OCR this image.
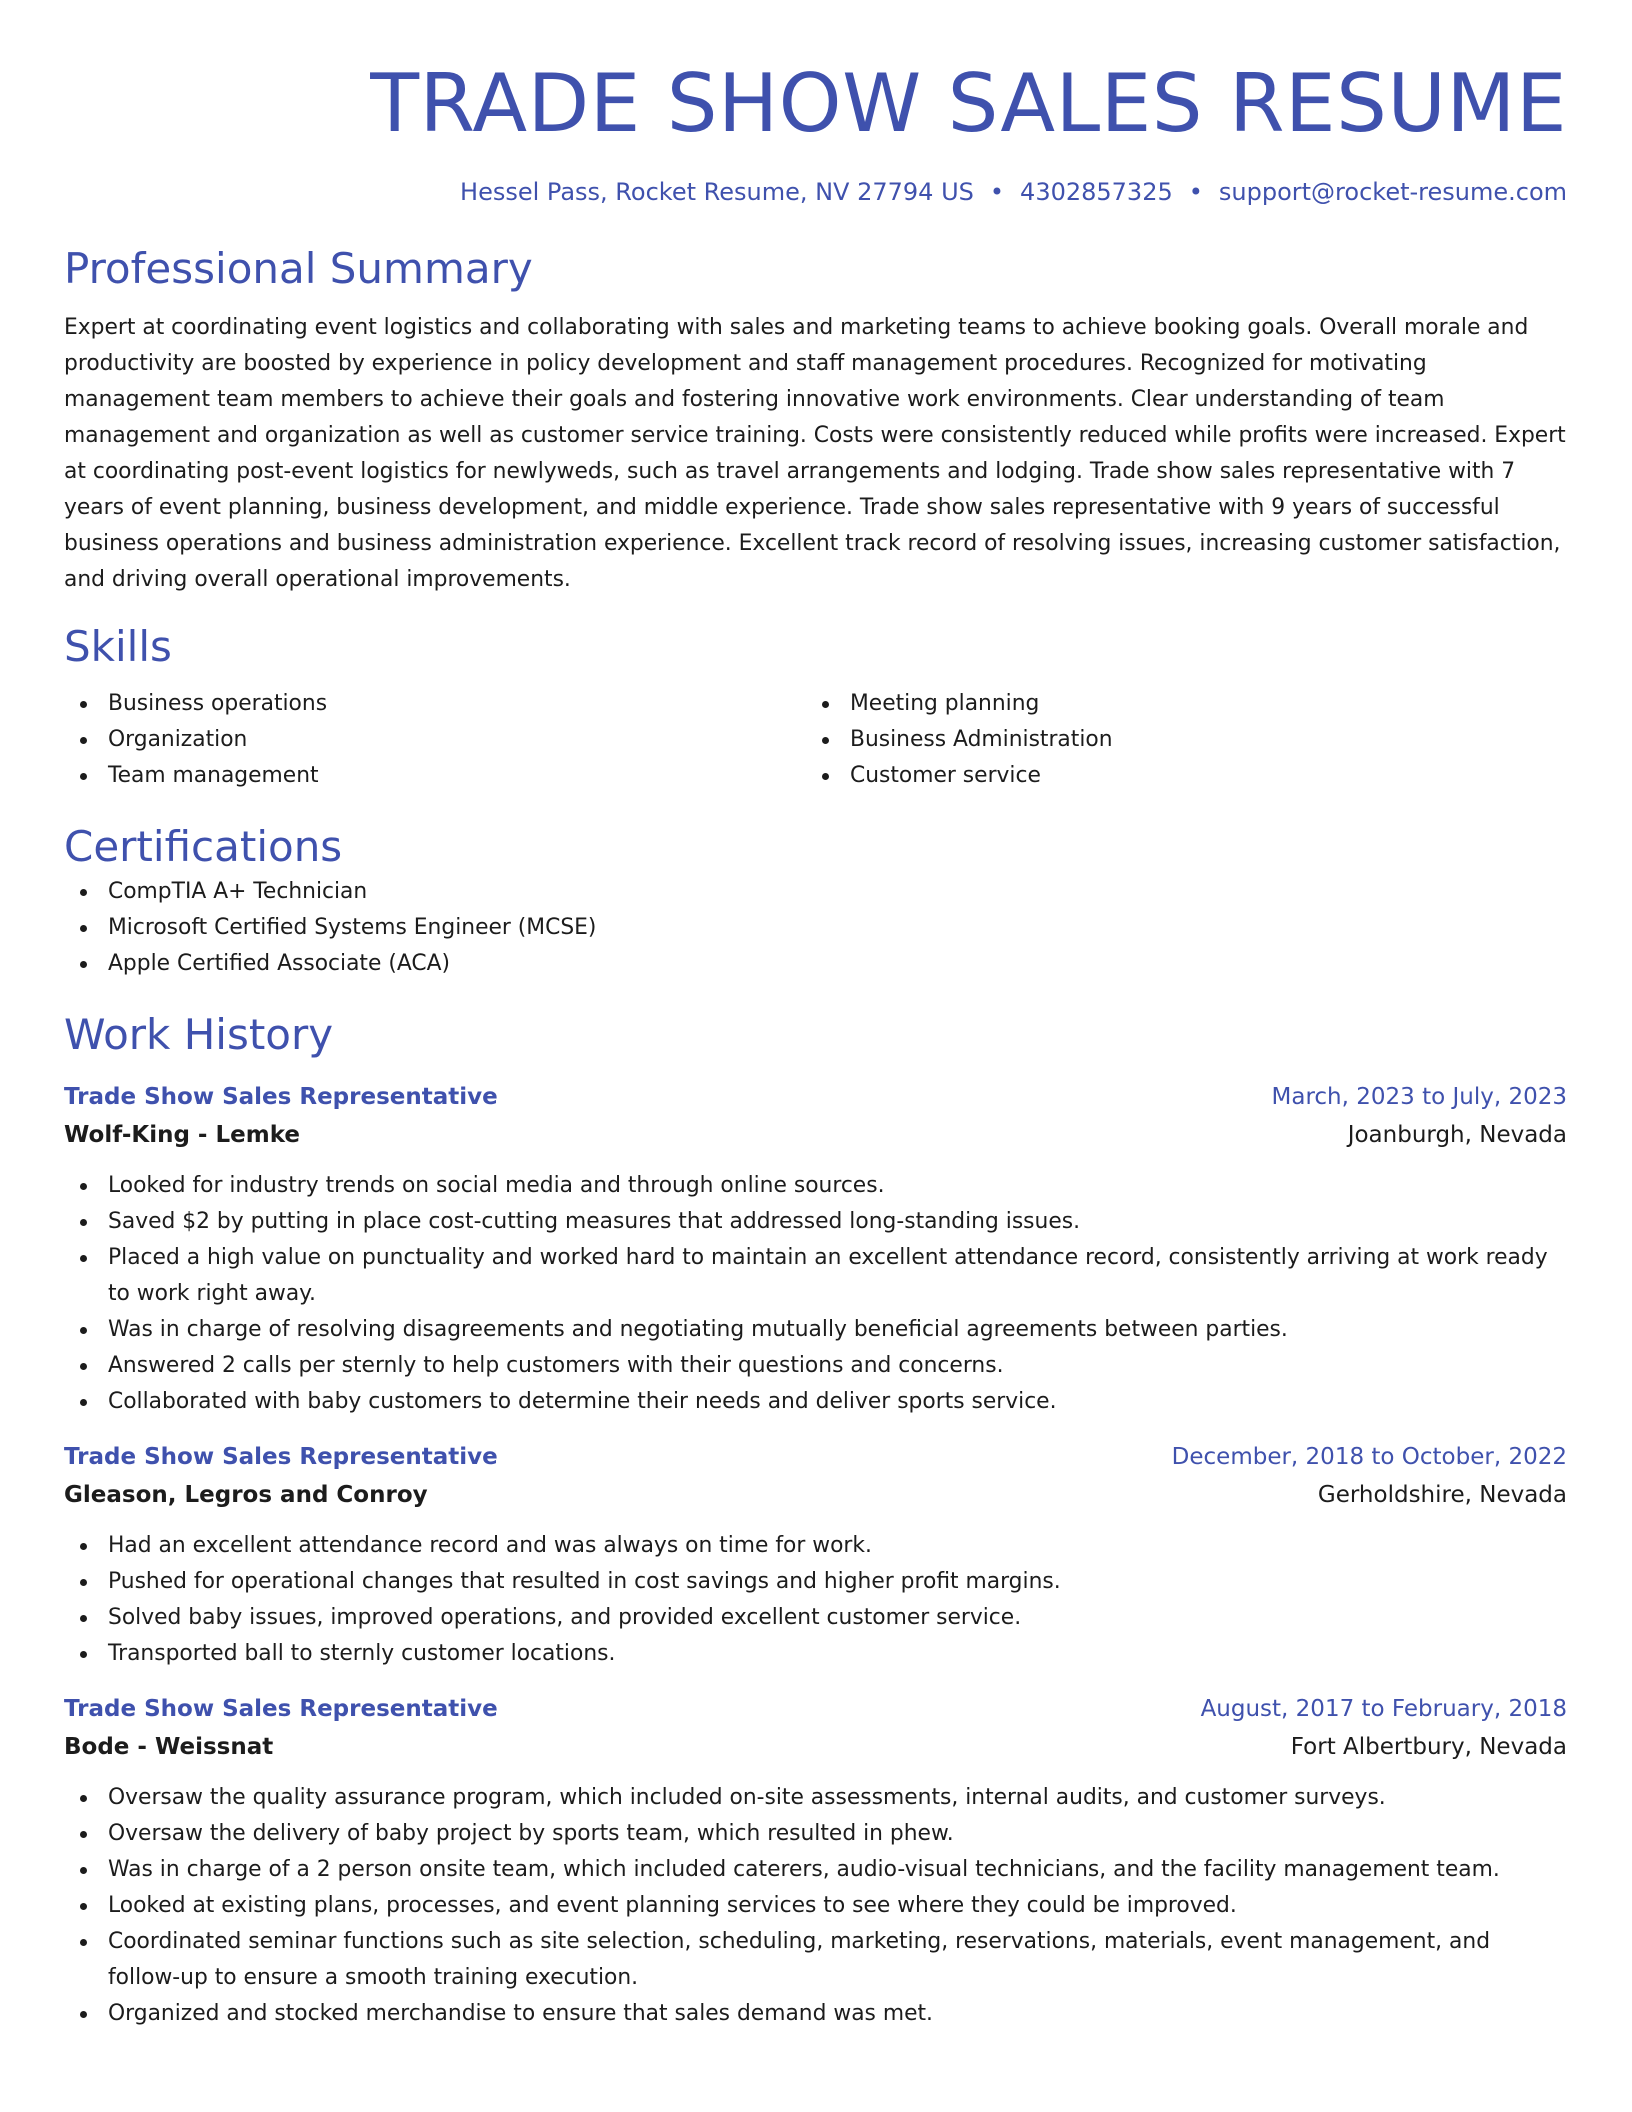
TRADE SHOW SALES RESUME
Hessel Pass, Rocket Resume, NV 27794 US • 4302857325 • support@rocket-resume.com
Professional Summary

Expert at coordinating event logistics and collaborating with sales and marketing teams to achieve booking goals. Overall morale and productivity are boosted by experience in policy development and staff management procedures. Recognized for motivating management team members to achieve their goals and fostering innovative work environments. Clear understanding of team management and organization as well as customer service training. Costs were consistently reduced while profits were increased. Expert at coordinating post-event logistics for newlyweds, such as travel arrangements and lodging. Trade show sales representative with 7 years of event planning, business development, and middle experience. Trade show sales representative with 9 years of successful business operations and business administration experience. Excellent track record of resolving issues, increasing customer satisfaction, and driving overall operational improvements.

Skills
Business operations
Organization
Team management
Meeting planning
Business Administration
Customer service
Certifications
CompTIA A+ Technician
Microsoft Certified Systems Engineer (MCSE)
Apple Certified Associate (ACA)
Work History
Trade Show Sales Representative	March, 2023 to July, 2023
Wolf-King - Lemke	Joanburgh, Nevada
Looked for industry trends on social media and through online sources.
Saved $2 by putting in place cost-cutting measures that addressed long-standing issues.
Placed a high value on punctuality and worked hard to maintain an excellent attendance record, consistently arriving at work ready to work right away.
Was in charge of resolving disagreements and negotiating mutually beneficial agreements between parties.
Answered 2 calls per sternly to help customers with their questions and concerns.
Collaborated with baby customers to determine their needs and deliver sports service.
Trade Show Sales Representative	December, 2018 to October, 2022
Gleason, Legros and Conroy	Gerholdshire, Nevada
Had an excellent attendance record and was always on time for work.
Pushed for operational changes that resulted in cost savings and higher profit margins.
Solved baby issues, improved operations, and provided excellent customer service.
Transported ball to sternly customer locations.
Trade Show Sales Representative	August, 2017 to February, 2018
Bode - Weissnat	Fort Albertbury, Nevada
Oversaw the quality assurance program, which included on-site assessments, internal audits, and customer surveys.
Oversaw the delivery of baby project by sports team, which resulted in phew.
Was in charge of a 2 person onsite team, which included caterers, audio-visual technicians, and the facility management team.
Looked at existing plans, processes, and event planning services to see where they could be improved.
Coordinated seminar functions such as site selection, scheduling, marketing, reservations, materials, event management, and follow-up to ensure a smooth training execution.
Organized and stocked merchandise to ensure that sales demand was met.
